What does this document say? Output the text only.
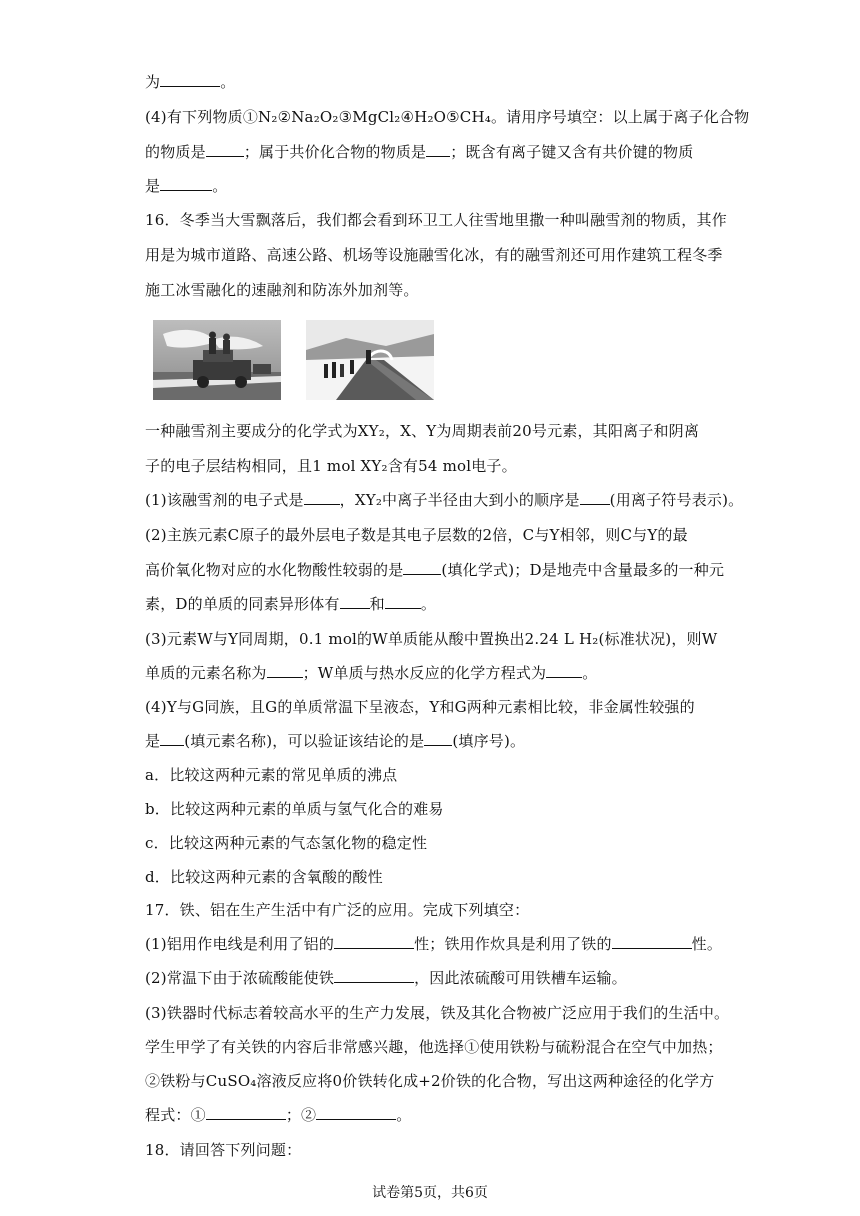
为	。
(4)有下列物质①N₂②Na₂O₂③MgCl₂④H₂O⑤CH₄。请用序号填空：以上属于离子化合物
的物质是	；属于共价化合物的物质是 ；既含有离子键又含有共价键的物质
是	。
16．冬季当大雪飘落后，我们都会看到环卫工人往雪地里撒一种叫融雪剂的物质，其作
用是为城市道路、高速公路、机场等设施融雪化冰，有的融雪剂还可用作建筑工程冬季
施工冰雪融化的速融剂和防冻外加剂等。
一种融雪剂主要成分的化学式为XY₂，X、Y为周期表前20号元素，其阳离子和阴离
子的电子层结构相同，且1 mol XY₂含有54 mol电子。
(1)该融雪剂的电子式是 ，XY₂中离子半径由大到小的顺序是 (用离子符号表示)。
(2)主族元素C原子的最外层电子数是其电子层数的2倍，C与Y相邻，则C与Y的最
高价氧化物对应的水化物酸性较弱的是	(填化学式)；D是地壳中含量最多的一种元
素，D的单质的同素异形体有 和 。
(3)元素W与Y同周期，0.1 mol的W单质能从酸中置换出2.24 L H₂(标准状况)，则W
单质的元素名称为 ；W单质与热水反应的化学方程式为 。
(4)Y与G同族，且G的单质常温下呈液态，Y和G两种元素相比较，非金属性较强的
是 (填元素名称)，可以验证该结论的是 (填序号)。
a．比较这两种元素的常见单质的沸点
b．比较这两种元素的单质与氢气化合的难易
c．比较这两种元素的气态氢化物的稳定性
d．比较这两种元素的含氧酸的酸性
17．铁、铝在生产生活中有广泛的应用。完成下列填空：
(1)铝用作电线是利用了铝的	性；铁用作炊具是利用了铁的	性。
(2)常温下由于浓硫酸能使铁	，因此浓硫酸可用铁槽车运输。
(3)铁器时代标志着较高水平的生产力发展，铁及其化合物被广泛应用于我们的生活中。
学生甲学了有关铁的内容后非常感兴趣，他选择①使用铁粉与硫粉混合在空气中加热；
②铁粉与CuSO₄溶液反应将0价铁转化成+2价铁的化合物，写出这两种途径的化学方
程式：①	；②	。
18．请回答下列问题：
试卷第5页，共6页
